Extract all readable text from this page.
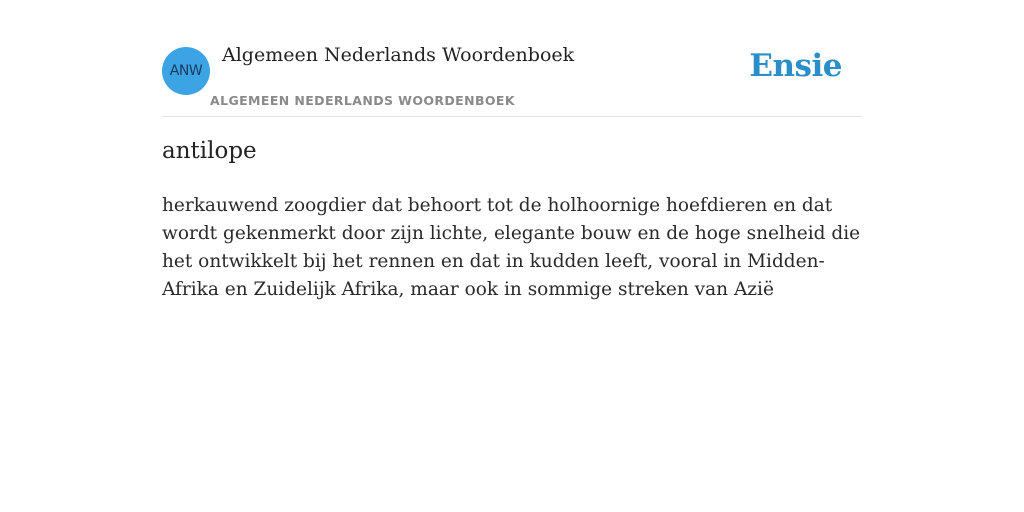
ANW
Algemeen Nederlands Woordenboek
ALGEMEEN NEDERLANDS WOORDENBOEK
Ensie
antilope

herkauwend zoogdier dat behoort tot de holhoornige hoefdieren en dat wordt gekenmerkt door zijn lichte, elegante bouw en de hoge snelheid die het ontwikkelt bij het rennen en dat in kudden leeft, vooral in Midden-Afrika en Zuidelijk Afrika, maar ook in sommige streken van Azië
